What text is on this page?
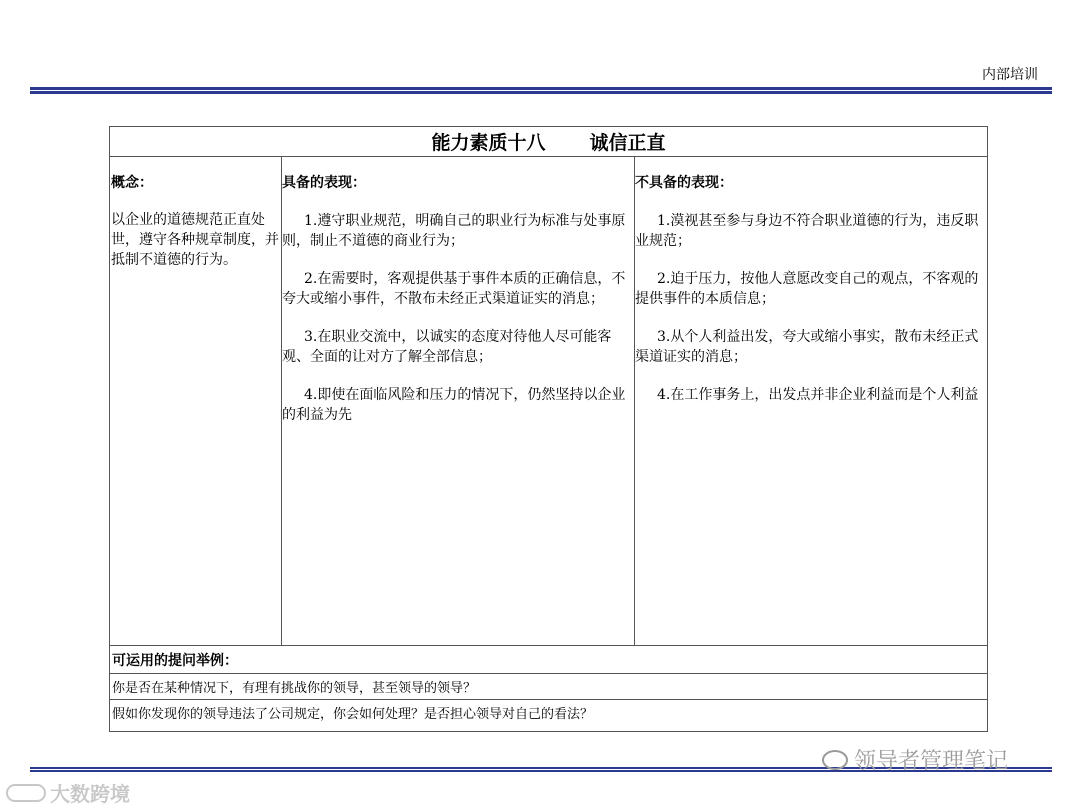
内部培训
能力素质十八 诚信正直
概念：
以企业的道德规范正直处世，遵守各种规章制度，并抵制不道德的行为。
具备的表现：
1.遵守职业规范，明确自己的职业行为标准与处事原则，制止不道德的商业行为；
2.在需要时，客观提供基于事件本质的正确信息，不夸大或缩小事件，不散布未经正式渠道证实的消息；
3.在职业交流中，以诚实的态度对待他人尽可能客观、全面的让对方了解全部信息；
4.即使在面临风险和压力的情况下，仍然坚持以企业的利益为先
不具备的表现：
1.漠视甚至参与身边不符合职业道德的行为，违反职业规范；
2.迫于压力，按他人意愿改变自己的观点，不客观的提供事件的本质信息；
3.从个人利益出发，夸大或缩小事实，散布未经正式渠道证实的消息；
4.在工作事务上，出发点并非企业利益而是个人利益
可运用的提问举例：
你是否在某种情况下，有理有挑战你的领导，甚至领导的领导？
假如你发现你的领导违法了公司规定，你会如何处理？是否担心领导对自己的看法？
领导者管理笔记
大数跨境
